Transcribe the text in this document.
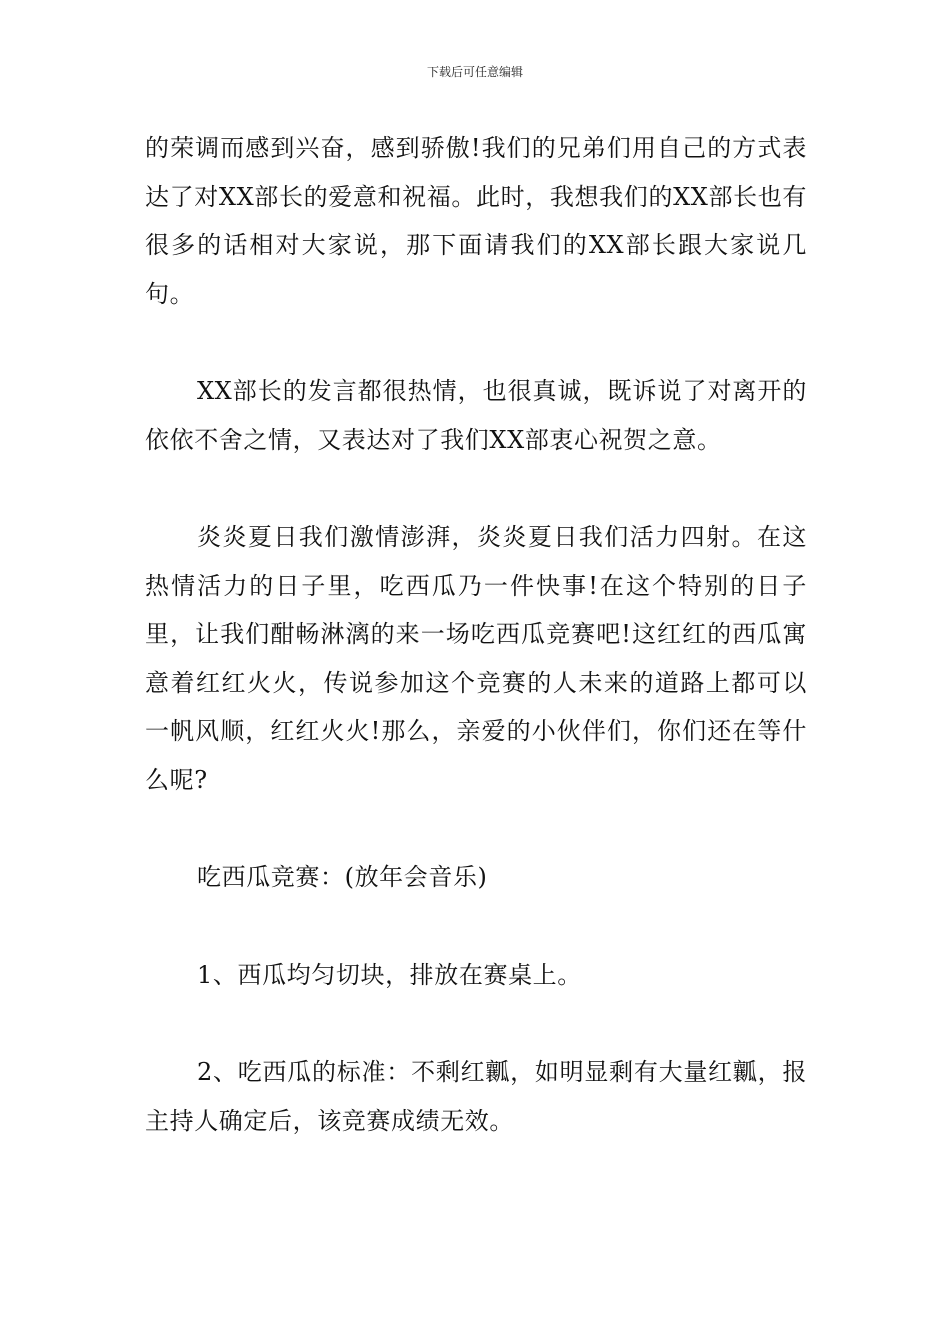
下载后可任意编辑

的荣调而感到兴奋，感到骄傲!我们的兄弟们用自己的方式表达了对XX部长的爱意和祝福。此时，我想我们的XX部长也有很多的话相对大家说，那下面请我们的XX部长跟大家说几句。

XX部长的发言都很热情，也很真诚，既诉说了对离开的依依不舍之情，又表达对了我们XX部衷心祝贺之意。

炎炎夏日我们激情澎湃，炎炎夏日我们活力四射。在这热情活力的日子里，吃西瓜乃一件快事!在这个特别的日子里，让我们酣畅淋漓的来一场吃西瓜竞赛吧!这红红的西瓜寓意着红红火火，传说参加这个竞赛的人未来的道路上都可以一帆风顺，红红火火!那么，亲爱的小伙伴们，你们还在等什么呢?

吃西瓜竞赛：(放年会音乐)

1、西瓜均匀切块，排放在赛桌上。

2、吃西瓜的标准：不剩红瓤，如明显剩有大量红瓤，报主持人确定后，该竞赛成绩无效。
